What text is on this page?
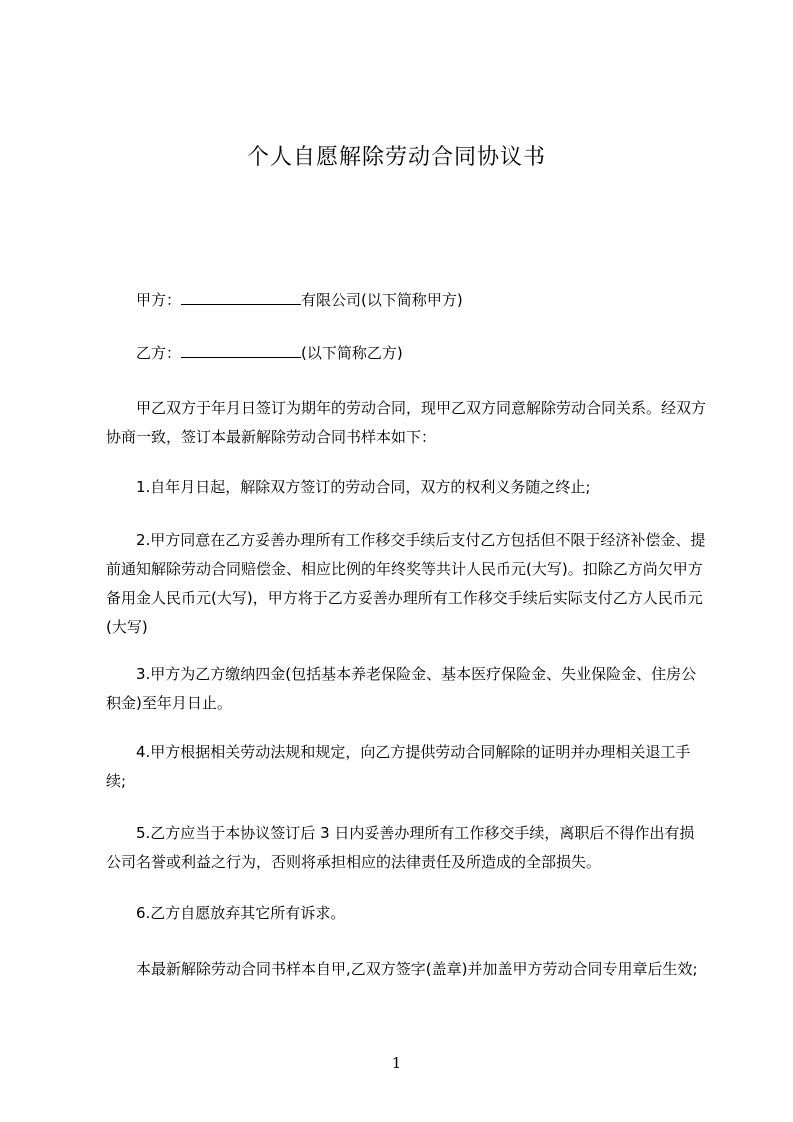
个人自愿解除劳动合同协议书

甲方：	有限公司(以下简称甲方)

乙方：	(以下简称乙方)

甲乙双方于年月日签订为期年的劳动合同，现甲乙双方同意解除劳动合同关系。经双方协商一致，签订本最新解除劳动合同书样本如下：

1.自年月日起，解除双方签订的劳动合同，双方的权利义务随之终止;

2.甲方同意在乙方妥善办理所有工作移交手续后支付乙方包括但不限于经济补偿金、提前通知解除劳动合同赔偿金、相应比例的年终奖等共计人民币元(大写)。扣除乙方尚欠甲方备用金人民币元(大写)，甲方将于乙方妥善办理所有工作移交手续后实际支付乙方人民币元(大写)

3.甲方为乙方缴纳四金(包括基本养老保险金、基本医疗保险金、失业保险金、住房公积金)至年月日止。

4.甲方根据相关劳动法规和规定，向乙方提供劳动合同解除的证明并办理相关退工手续;

5.乙方应当于本协议签订后 3 日内妥善办理所有工作移交手续，离职后不得作出有损公司名誉或利益之行为，否则将承担相应的法律责任及所造成的全部损失。

6.乙方自愿放弃其它所有诉求。

本最新解除劳动合同书样本自甲,乙双方签字(盖章)并加盖甲方劳动合同专用章后生效;

1
